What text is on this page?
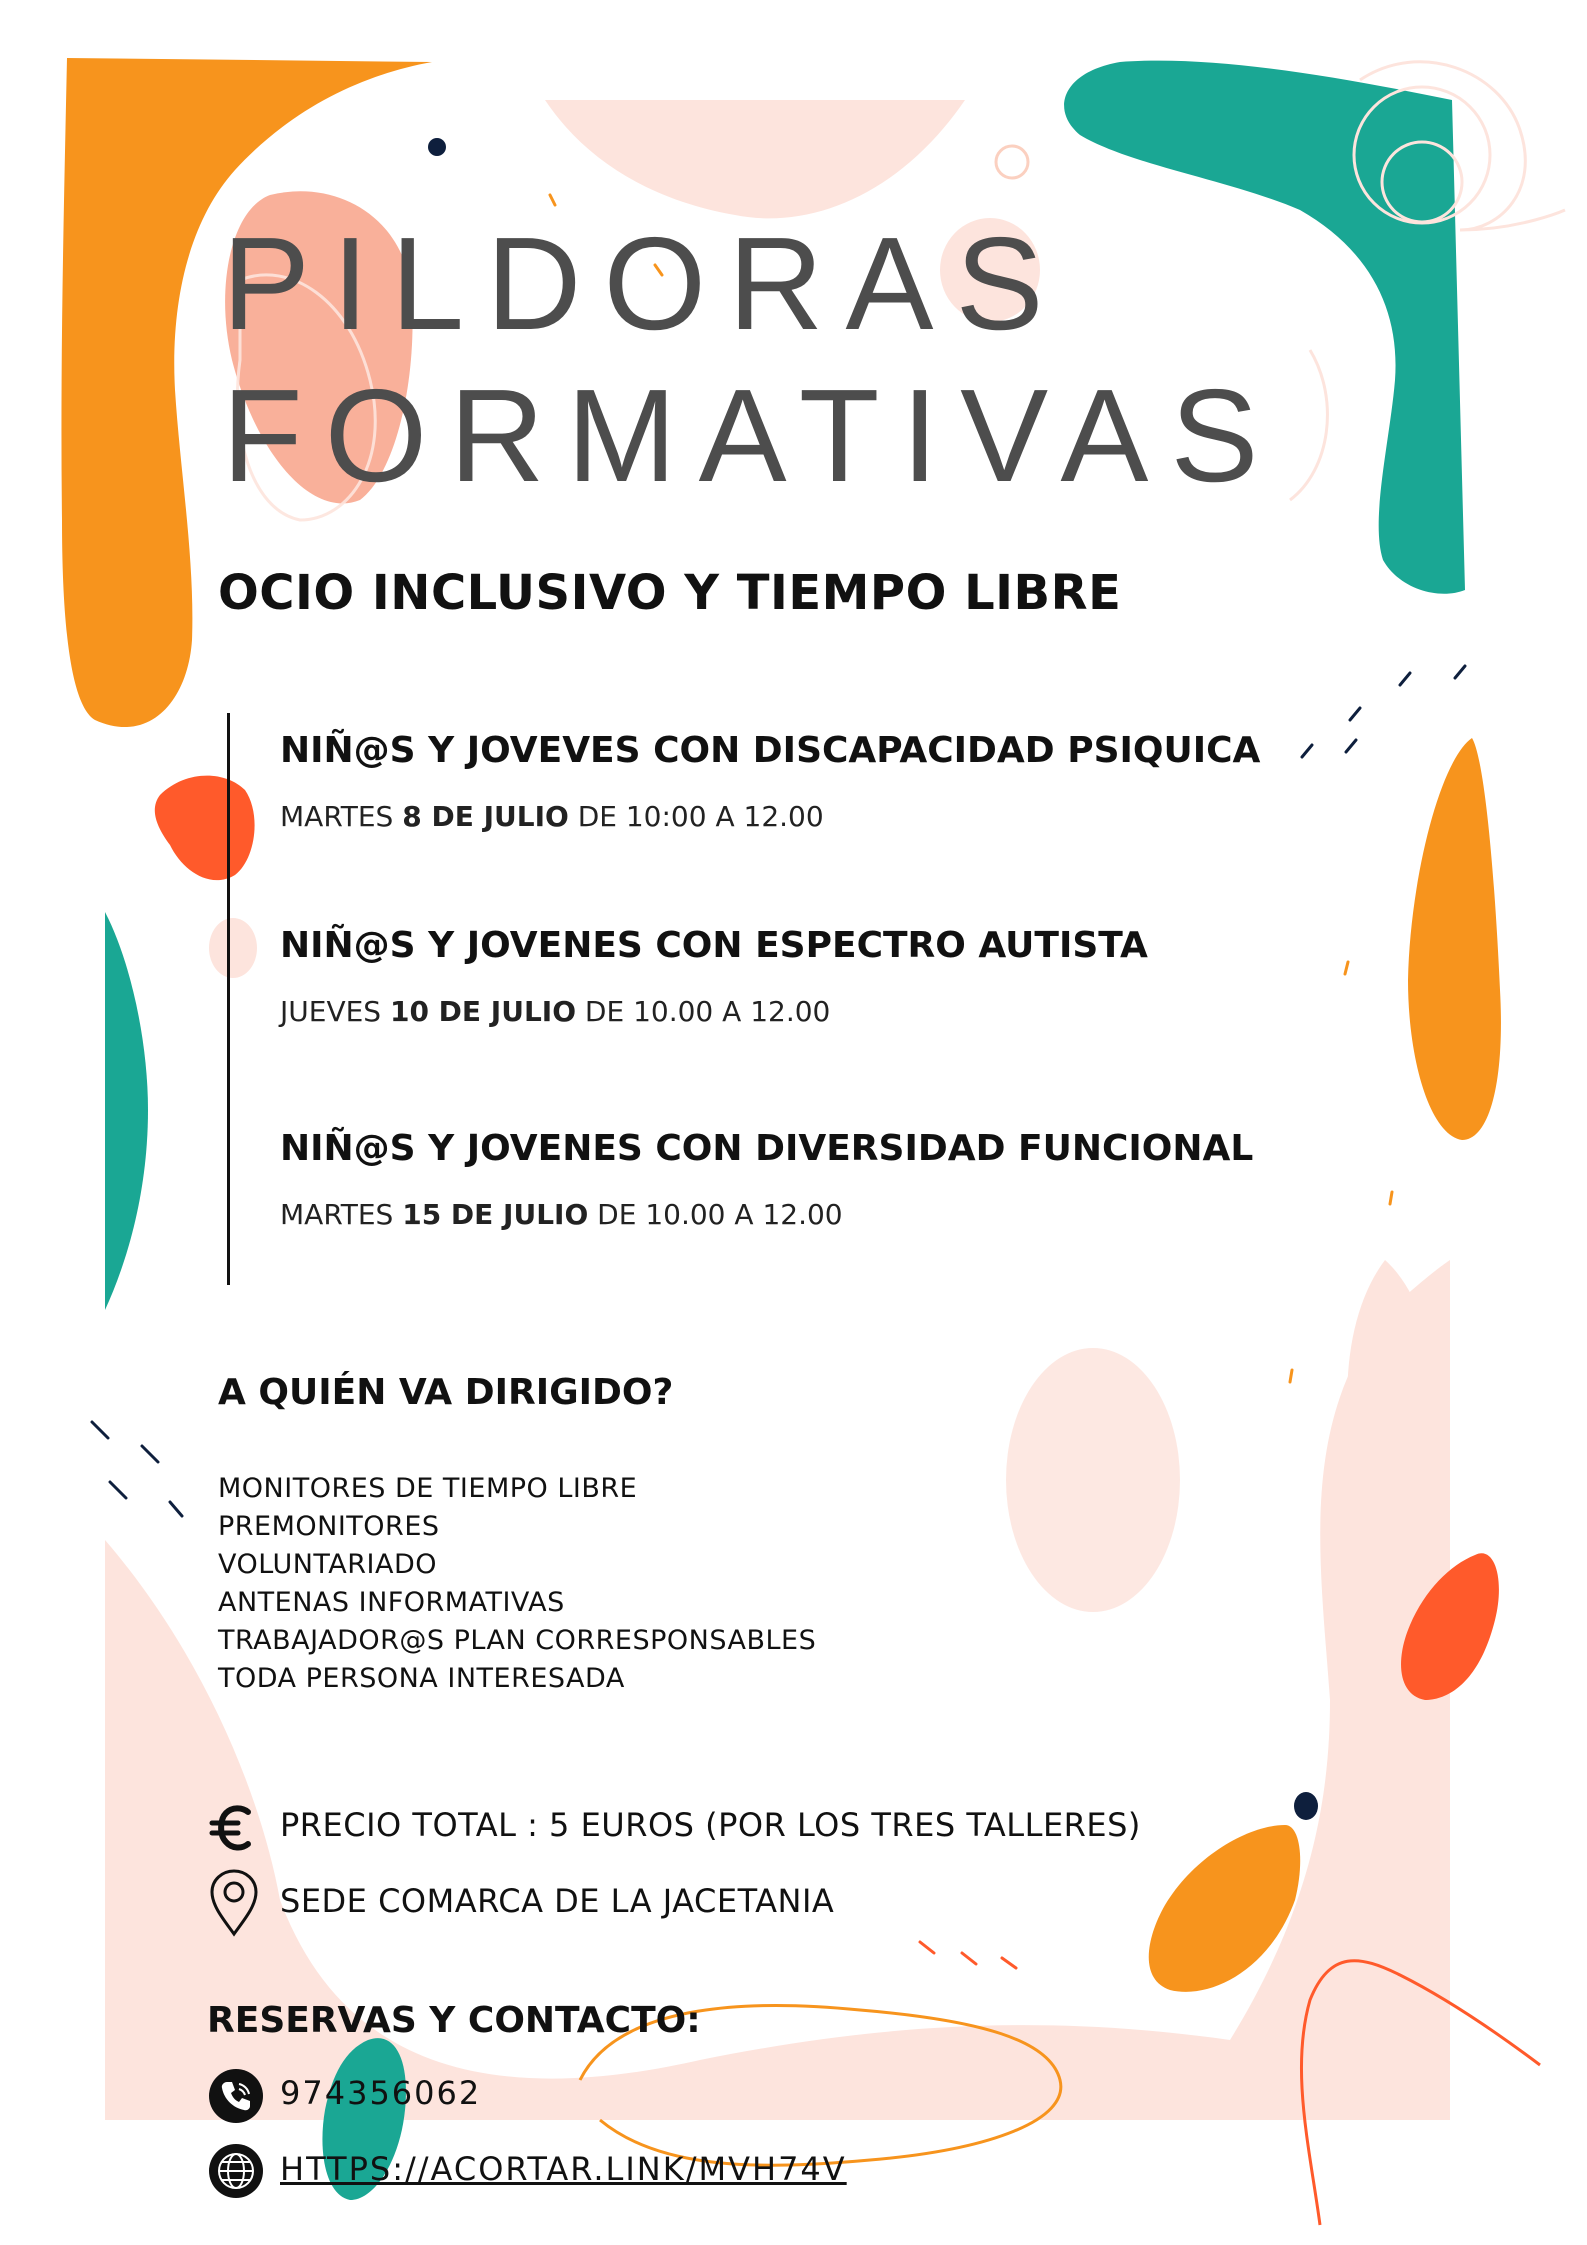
PILDORAS
FORMATIVAS
OCIO INCLUSIVO Y TIEMPO LIBRE
NIÑ@S Y JOVEVES CON DISCAPACIDAD PSIQUICA
MARTES 8 DE JULIO DE 10:00 A 12.00
NIÑ@S Y JOVENES CON ESPECTRO AUTISTA
JUEVES 10 DE JULIO DE 10.00 A 12.00
NIÑ@S Y JOVENES CON DIVERSIDAD FUNCIONAL
MARTES 15 DE JULIO DE 10.00 A 12.00
A QUIÉN VA DIRIGIDO?
MONITORES DE TIEMPO LIBRE
PREMONITORES
VOLUNTARIADO
ANTENAS INFORMATIVAS
TRABAJADOR@S PLAN CORRESPONSABLES
TODA PERSONA INTERESADA
PRECIO TOTAL : 5 EUROS (POR LOS TRES TALLERES)
SEDE COMARCA DE LA JACETANIA
RESERVAS Y CONTACTO:
974356062
HTTPS://ACORTAR.LINK/MVH74V
